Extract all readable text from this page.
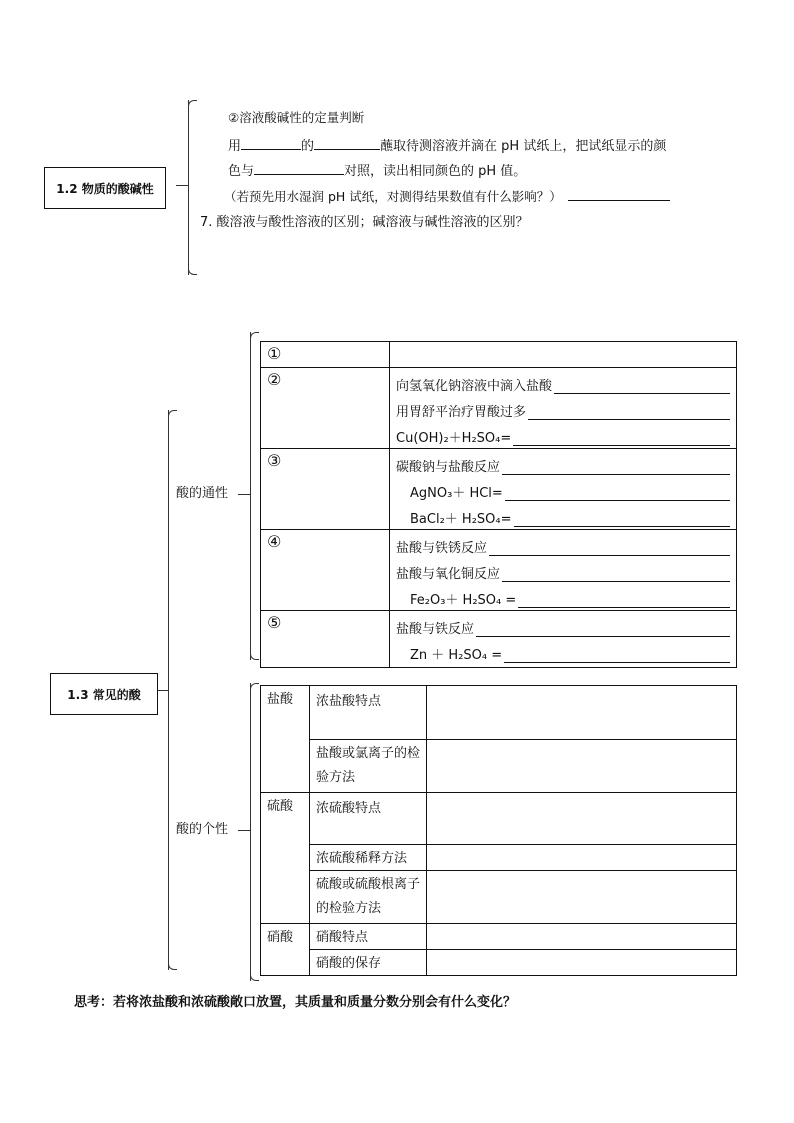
1.2 物质的酸碱性
②溶液酸碱性的定量判断
用	的	蘸取待测溶液并滴在 pH 试纸上，把试纸显示的颜
色与	对照，读出相同颜色的 pH 值。
（若预先用水湿润 pH 试纸，对测得结果数值有什么影响？）
7. 酸溶液与酸性溶液的区别；碱溶液与碱性溶液的区别？
1.3 常见的酸
酸的通性
酸的个性
①	
②	向氢氧化钠溶液中滴入盐酸
用胃舒平治疗胃酸过多
Cu(OH)₂＋H₂SO₄=

③	碳酸钠与盐酸反应
AgNO₃＋ HCl=
BaCl₂＋ H₂SO₄=

④	盐酸与铁锈反应
盐酸与氧化铜反应
Fe₂O₃＋ H₂SO₄ =

⑤	盐酸与铁反应
Zn ＋ H₂SO₄ =
盐酸	浓盐酸特点	
	盐酸或氯离子的检验方法	
硫酸	浓硫酸特点	
	浓硫酸稀释方法	
	硫酸或硫酸根离子的检验方法	
硝酸	硝酸特点	
	硝酸的保存	
思考：若将浓盐酸和浓硫酸敞口放置，其质量和质量分数分别会有什么变化？
